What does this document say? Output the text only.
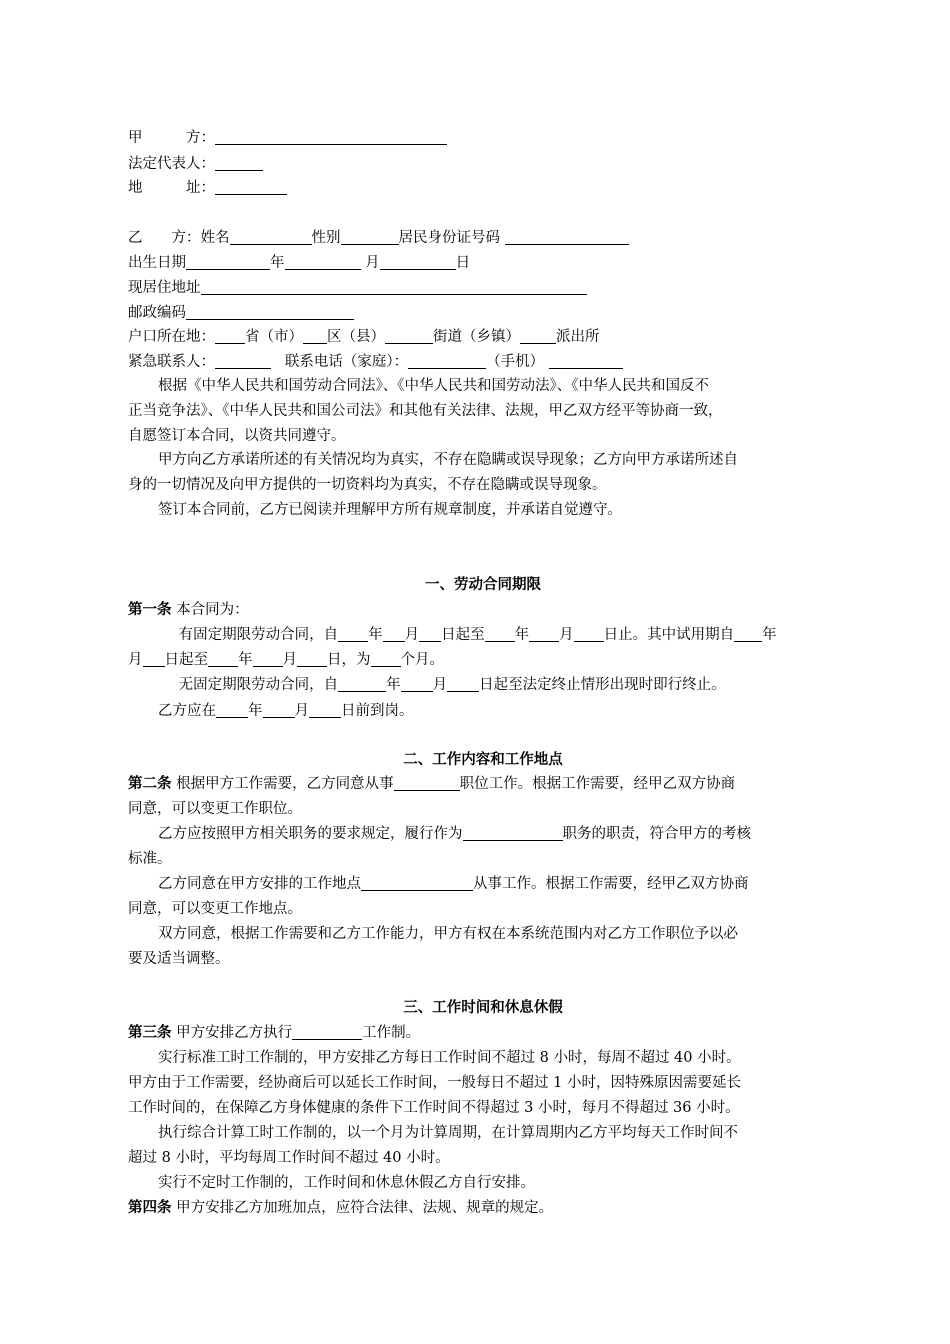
甲　　　方：
法定代表人：
地　　　址：
乙　　方：姓名	性别	居民身份证号码
出生日期	年	月	日
现居住地址
邮政编码
户口所在地： 省（市） 区（县）	街道（乡镇） 派出所
紧急联系人：	联系电话（家庭）：	（手机）
根据《中华人民共和国劳动合同法》、《中华人民共和国劳动法》、《中华人民共和国反不
正当竞争法》、《中华人民共和国公司法》和其他有关法律、法规，甲乙双方经平等协商一致，
自愿签订本合同，以资共同遵守。
甲方向乙方承诺所述的有关情况均为真实，不存在隐瞒或误导现象；乙方向甲方承诺所述自
身的一切情况及向甲方提供的一切资料均为真实，不存在隐瞒或误导现象。
签订本合同前，乙方已阅读并理解甲方所有规章制度，并承诺自觉遵守。
一、劳动合同期限
第一条 本合同为：
有固定期限劳动合同，自 年 月 日起至 年 月 日止。其中试用期自 年
月 日起至 年 月 日，为 个月。
无固定期限劳动合同，自	年 月 日起至法定终止情形出现时即行终止。
乙方应在 年 月 日前到岗。
二、工作内容和工作地点
第二条 根据甲方工作需要，乙方同意从事	职位工作。根据工作需要，经甲乙双方协商
同意，可以变更工作职位。
乙方应按照甲方相关职务的要求规定，履行作为	职务的职责，符合甲方的考核
标准。
乙方同意在甲方安排的工作地点	从事工作。根据工作需要，经甲乙双方协商
同意，可以变更工作地点。
双方同意，根据工作需要和乙方工作能力，甲方有权在本系统范围内对乙方工作职位予以必
要及适当调整。
三、工作时间和休息休假
第三条 甲方安排乙方执行	工作制。
实行标准工时工作制的，甲方安排乙方每日工作时间不超过 8 小时，每周不超过 40 小时。
甲方由于工作需要，经协商后可以延长工作时间，一般每日不超过 1 小时，因特殊原因需要延长
工作时间的，在保障乙方身体健康的条件下工作时间不得超过 3 小时，每月不得超过 36 小时。
执行综合计算工时工作制的，以一个月为计算周期，在计算周期内乙方平均每天工作时间不
超过 8 小时，平均每周工作时间不超过 40 小时。
实行不定时工作制的，工作时间和休息休假乙方自行安排。
第四条 甲方安排乙方加班加点，应符合法律、法规、规章的规定。
